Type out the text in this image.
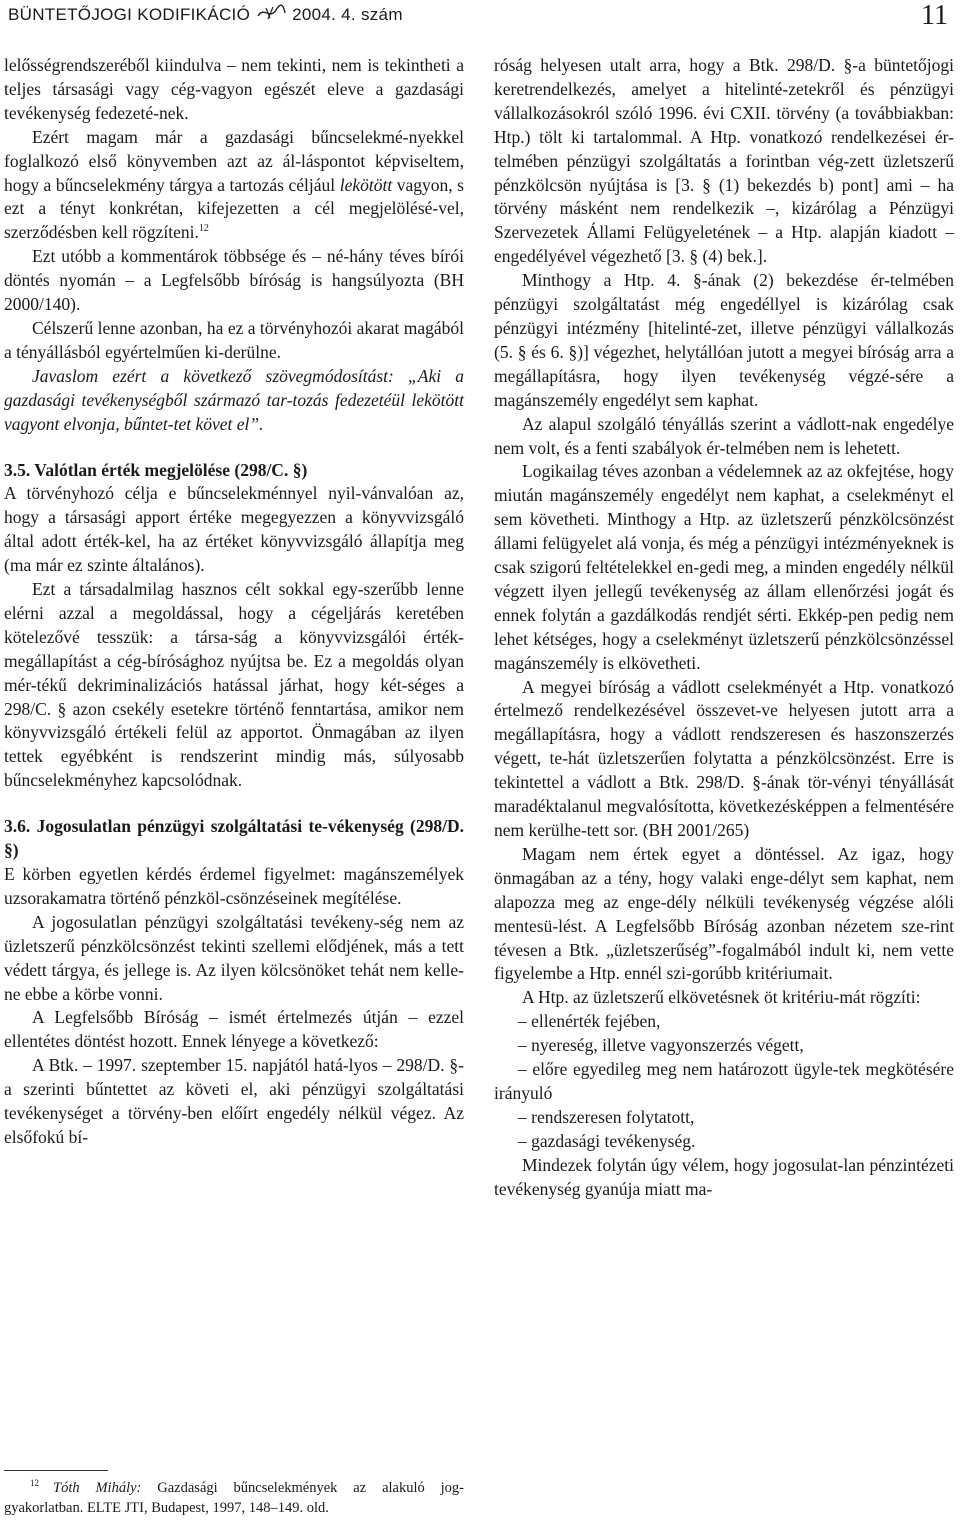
BÜNTETŐJOGI KODIFIKÁCIÓ 2004. 4. szám	11

lelősségrendszeréből kiindulva – nem tekinti, nem is tekintheti a teljes társasági vagy cég-vagyon egészét eleve a gazdasági tevékenység fedezeté-nek.

Ezért magam már a gazdasági bűncselekmé-nyekkel foglalkozó első könyvemben azt az ál-láspontot képviseltem, hogy a bűncselekmény tárgya a tartozás céljául lekötött vagyon, s ezt a tényt konkrétan, kifejezetten a cél megjelölésé-vel, szerződésben kell rögzíteni.$^{12}$

Ezt utóbb a kommentárok többsége és – né-hány téves bírói döntés nyomán – a Legfelsőbb bíróság is hangsúlyozta (BH 2000/140).

Célszerű lenne azonban, ha ez a törvényhozói akarat magából a tényállásból egyértelműen ki-derülne.

Javaslom ezért a következő szövegmódosítást: „Aki a gazdasági tevékenységből származó tar-tozás fedezetéül lekötött vagyont elvonja, bűntet-tet követ el”.

3.5. Valótlan érték megjelölése (298/C. §)

A törvényhozó célja e bűncselekménnyel nyil-vánvalóan az, hogy a társasági apport értéke megegyezzen a könyvvizsgáló által adott érték-kel, ha az értéket könyvvizsgáló állapítja meg (ma már ez szinte általános).

Ezt a társadalmilag hasznos célt sokkal egy-szerűbb lenne elérni azzal a megoldással, hogy a cégeljárás keretében kötelezővé tesszük: a társa-ság a könyvvizsgálói érték-megállapítást a cég-bírósághoz nyújtsa be. Ez a megoldás olyan mér-tékű dekriminalizációs hatással járhat, hogy két-séges a 298/C. § azon csekély esetekre történő fenntartása, amikor nem könyvvizsgáló értékeli felül az apportot. Önmagában az ilyen tettek egyébként is rendszerint mindig más, súlyosabb bűncselekményhez kapcsolódnak.

3.6. Jogosulatlan pénzügyi szolgáltatási te-vékenység (298/D. §)

E körben egyetlen kérdés érdemel figyelmet: magánszemélyek uzsorakamatra történő pénzköl-csönzéseinek megítélése.

A jogosulatlan pénzügyi szolgáltatási tevékeny-ség nem az üzletszerű pénzkölcsönzést tekinti szellemi elődjének, más a tett védett tárgya, és jellege is. Az ilyen kölcsönöket tehát nem kelle-ne ebbe a körbe vonni.

A Legfelsőbb Bíróság – ismét értelmezés útján – ezzel ellentétes döntést hozott. Ennek lényege a következő:

A Btk. – 1997. szeptember 15. napjától hatá-lyos – 298/D. §-a szerinti bűntettet az követi el, aki pénzügyi szolgáltatási tevékenységet a törvény-ben előírt engedély nélkül végez. Az elsőfokú bí-

róság helyesen utalt arra, hogy a Btk. 298/D. §-a büntetőjogi keretrendelkezés, amelyet a hitelinté-zetekről és pénzügyi vállalkozásokról szóló 1996. évi CXII. törvény (a továbbiakban: Htp.) tölt ki tartalommal. A Htp. vonatkozó rendelkezései ér-telmében pénzügyi szolgáltatás a forintban vég-zett üzletszerű pénzkölcsön nyújtása is [3. § (1) bekezdés b) pont] ami – ha törvény másként nem rendelkezik –, kizárólag a Pénzügyi Szervezetek Állami Felügyeletének – a Htp. alapján kiadott – engedélyével végezhető [3. § (4) bek.].

Minthogy a Htp. 4. §-ának (2) bekezdése ér-telmében pénzügyi szolgáltatást még engedéllyel is kizárólag csak pénzügyi intézmény [hitelinté-zet, illetve pénzügyi vállalkozás (5. § és 6. §)] végezhet, helytállóan jutott a megyei bíróság arra a megállapításra, hogy ilyen tevékenység végzé-sére a magánszemély engedélyt sem kaphat.

Az alapul szolgáló tényállás szerint a vádlott-nak engedélye nem volt, és a fenti szabályok ér-telmében nem is lehetett.

Logikailag téves azonban a védelemnek az az okfejtése, hogy miután magánszemély engedélyt nem kaphat, a cselekményt el sem követheti. Minthogy a Htp. az üzletszerű pénzkölcsönzést állami felügyelet alá vonja, és még a pénzügyi intézményeknek is csak szigorú feltételekkel en-gedi meg, a minden engedély nélkül végzett ilyen jellegű tevékenység az állam ellenőrzési jogát és ennek folytán a gazdálkodás rendjét sérti. Ekkép-pen pedig nem lehet kétséges, hogy a cselekményt üzletszerű pénzkölcsönzéssel magánszemély is elkövetheti.

A megyei bíróság a vádlott cselekményét a Htp. vonatkozó értelmező rendelkezésével összevet-ve helyesen jutott arra a megállapításra, hogy a vádlott rendszeresen és haszonszerzés végett, te-hát üzletszerűen folytatta a pénzkölcsönzést. Erre is tekintettel a vádlott a Btk. 298/D. §-ának tör-vényi tényállását maradéktalanul megvalósította, következésképpen a felmentésére nem kerülhe-tett sor. (BH 2001/265)

Magam nem értek egyet a döntéssel. Az igaz, hogy önmagában az a tény, hogy valaki enge-délyt sem kaphat, nem alapozza meg az enge-dély nélküli tevékenység végzése alóli mentesü-lést. A Legfelsőbb Bíróság azonban nézetem sze-rint tévesen a Btk. „üzletszerűség”-fogalmából indult ki, nem vette figyelembe a Htp. ennél szi-gorúbb kritériumait.

A Htp. az üzletszerű elkövetésnek öt kritériu-mát rögzíti:

– ellenérték fejében,

– nyereség, illetve vagyonszerzés végett,

– előre egyedileg meg nem határozott ügyle-tek megkötésére irányuló

– rendszeresen folytatott,

– gazdasági tevékenység.

Mindezek folytán úgy vélem, hogy jogosulat-lan pénzintézeti tevékenység gyanúja miatt ma-

$^{12}$ Tóth Mihály: Gazdasági bűncselekmények az alakuló jog-gyakorlatban. ELTE JTI, Budapest, 1997, 148–149. old.
